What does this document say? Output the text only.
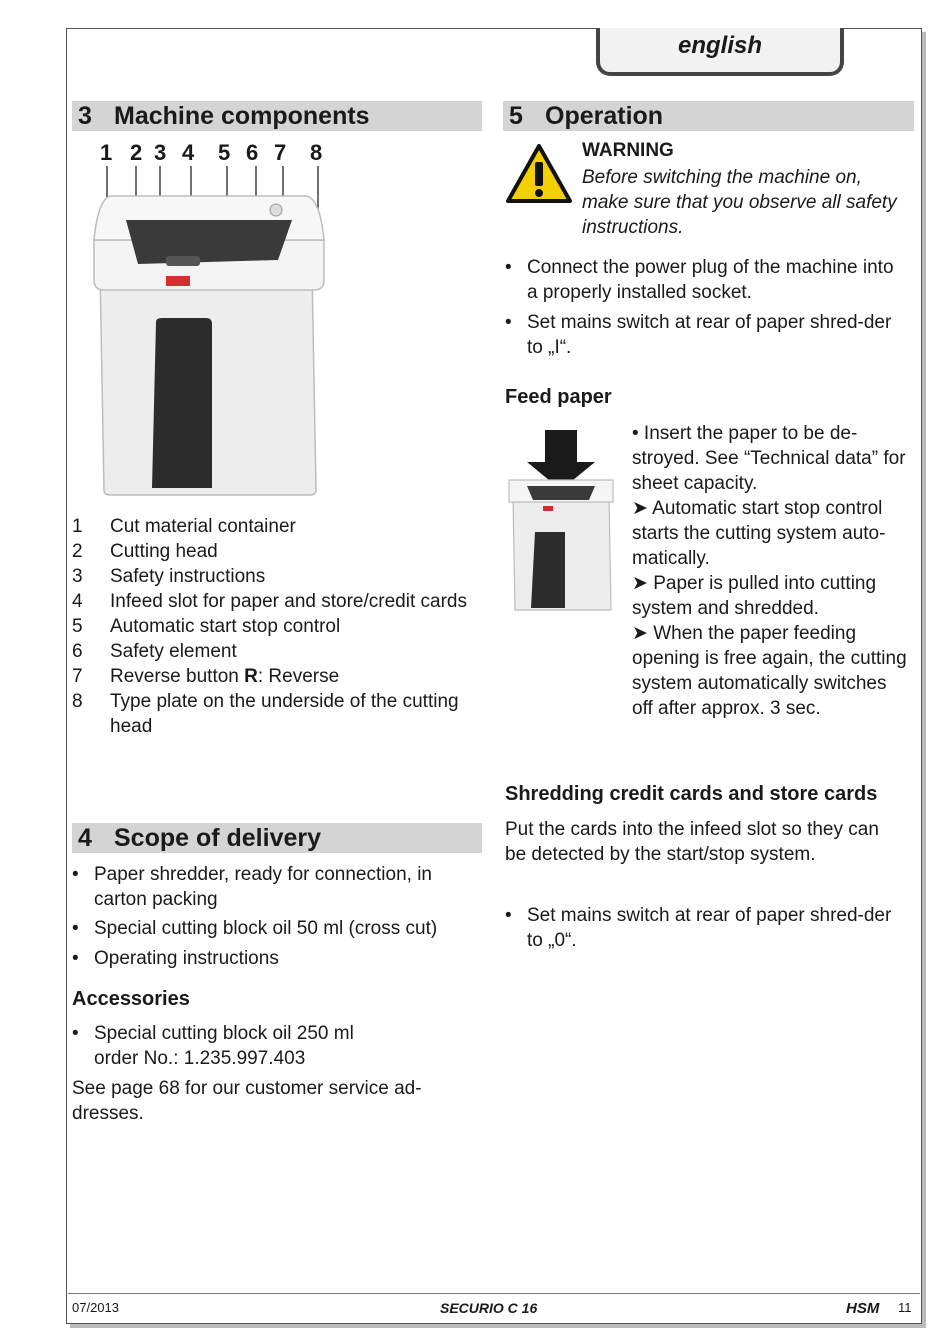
english
3 Machine components
1 2 3 4 5 6 7 8
1 Cut material container
2 Cutting head
3 Safety instructions
4 Infeed slot for paper and store/credit cards
5 Automatic start stop control
6 Safety element
7 Reverse button R: Reverse
8 Type plate on the underside of the cutting head
4 Scope of delivery
• Paper shredder, ready for connection, in carton packing
• Special cutting block oil 50 ml (cross cut)
• Operating instructions
Accessories
• Special cutting block oil 250 ml
order No.: 1.235.997.403
See page 68 for our customer service ad-dresses.
5 Operation
WARNING
Before switching the machine on, make sure that you observe all safety instructions.
• Connect the power plug of the machine into a properly installed socket.
• Set mains switch at rear of paper shred-der to „I“.
Feed paper
• Insert the paper to be de-stroyed. See “Technical data” for sheet capacity.
➤ Automatic start stop control starts the cutting system auto-matically.
➤ Paper is pulled into cutting system and shredded.
➤ When the paper feeding opening is free again, the cutting system automatically switches off after approx. 3 sec.
Shredding credit cards and store cards
Put the cards into the infeed slot so they can be detected by the start/stop system.
• Set mains switch at rear of paper shred-der to „0“.
07/2013	SECURIO C 16	HSM 11
